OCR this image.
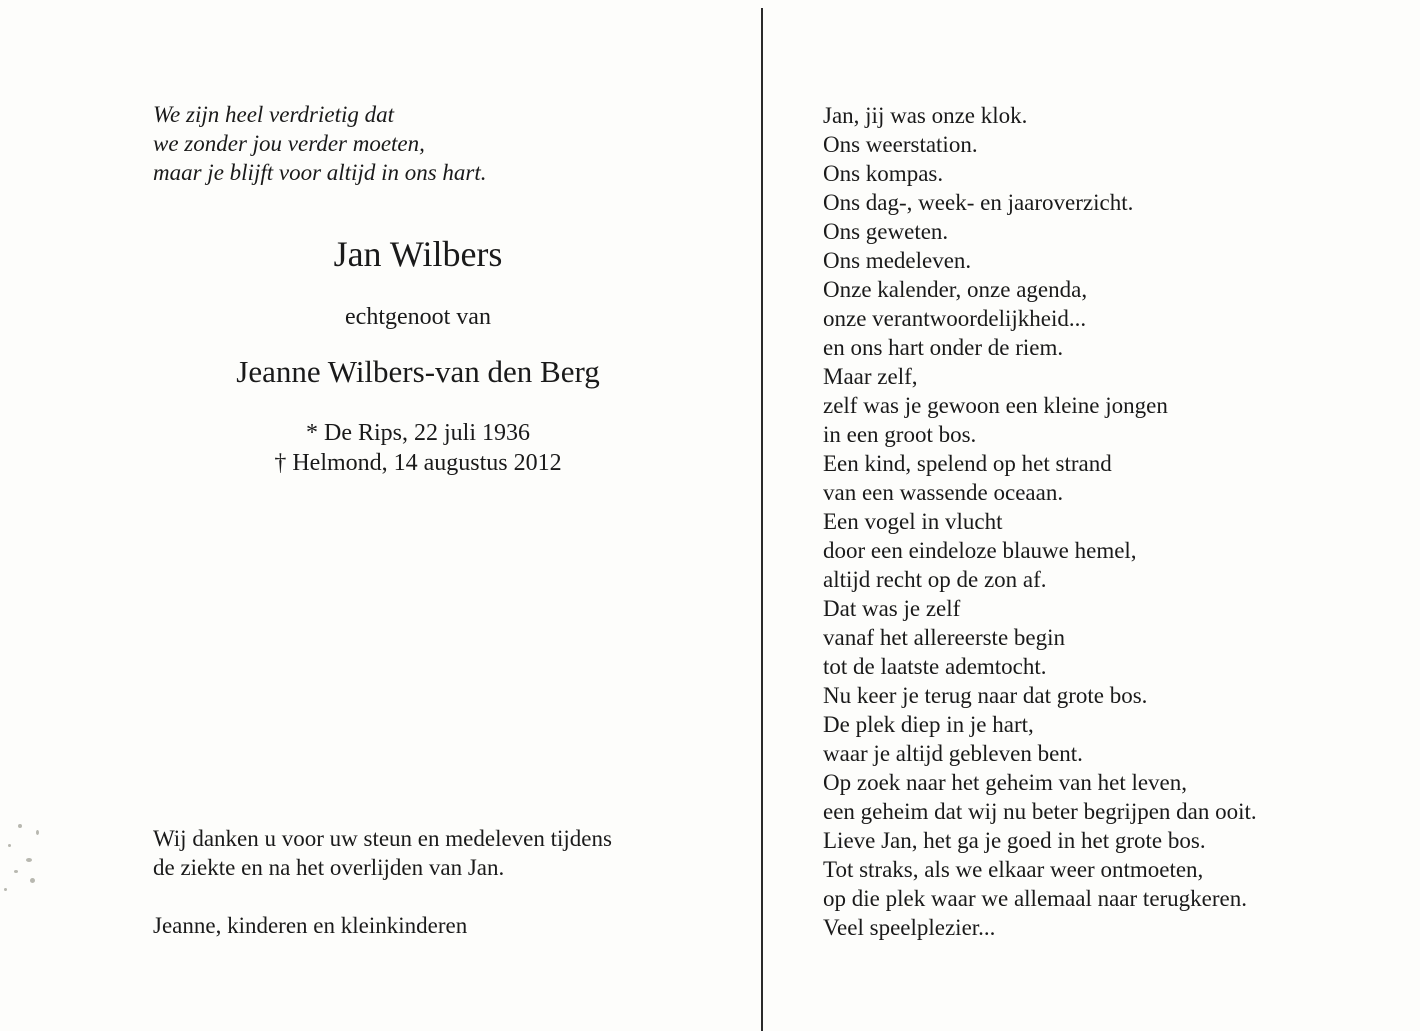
We zijn heel verdrietig dat
we zonder jou verder moeten,
maar je blijft voor altijd in ons hart.

Jan Wilbers

echtgenoot van

Jeanne Wilbers-van den Berg

* De Rips, 22 juli 1936

† Helmond, 14 augustus 2012

Wij danken u voor uw steun en medeleven tijdens
de ziekte en na het overlijden van Jan.

Jeanne, kinderen en kleinkinderen

Jan, jij was onze klok.
Ons weerstation.
Ons kompas.
Ons dag-, week- en jaaroverzicht.
Ons geweten.
Ons medeleven.
Onze kalender, onze agenda,
onze verantwoordelijkheid...
en ons hart onder de riem.
Maar zelf,
zelf was je gewoon een kleine jongen
in een groot bos.
Een kind, spelend op het strand
van een wassende oceaan.
Een vogel in vlucht
door een eindeloze blauwe hemel,
altijd recht op de zon af.
Dat was je zelf
vanaf het allereerste begin
tot de laatste ademtocht.
Nu keer je terug naar dat grote bos.
De plek diep in je hart,
waar je altijd gebleven bent.
Op zoek naar het geheim van het leven,
een geheim dat wij nu beter begrijpen dan ooit.
Lieve Jan, het ga je goed in het grote bos.
Tot straks, als we elkaar weer ontmoeten,
op die plek waar we allemaal naar terugkeren.
Veel speelplezier...
